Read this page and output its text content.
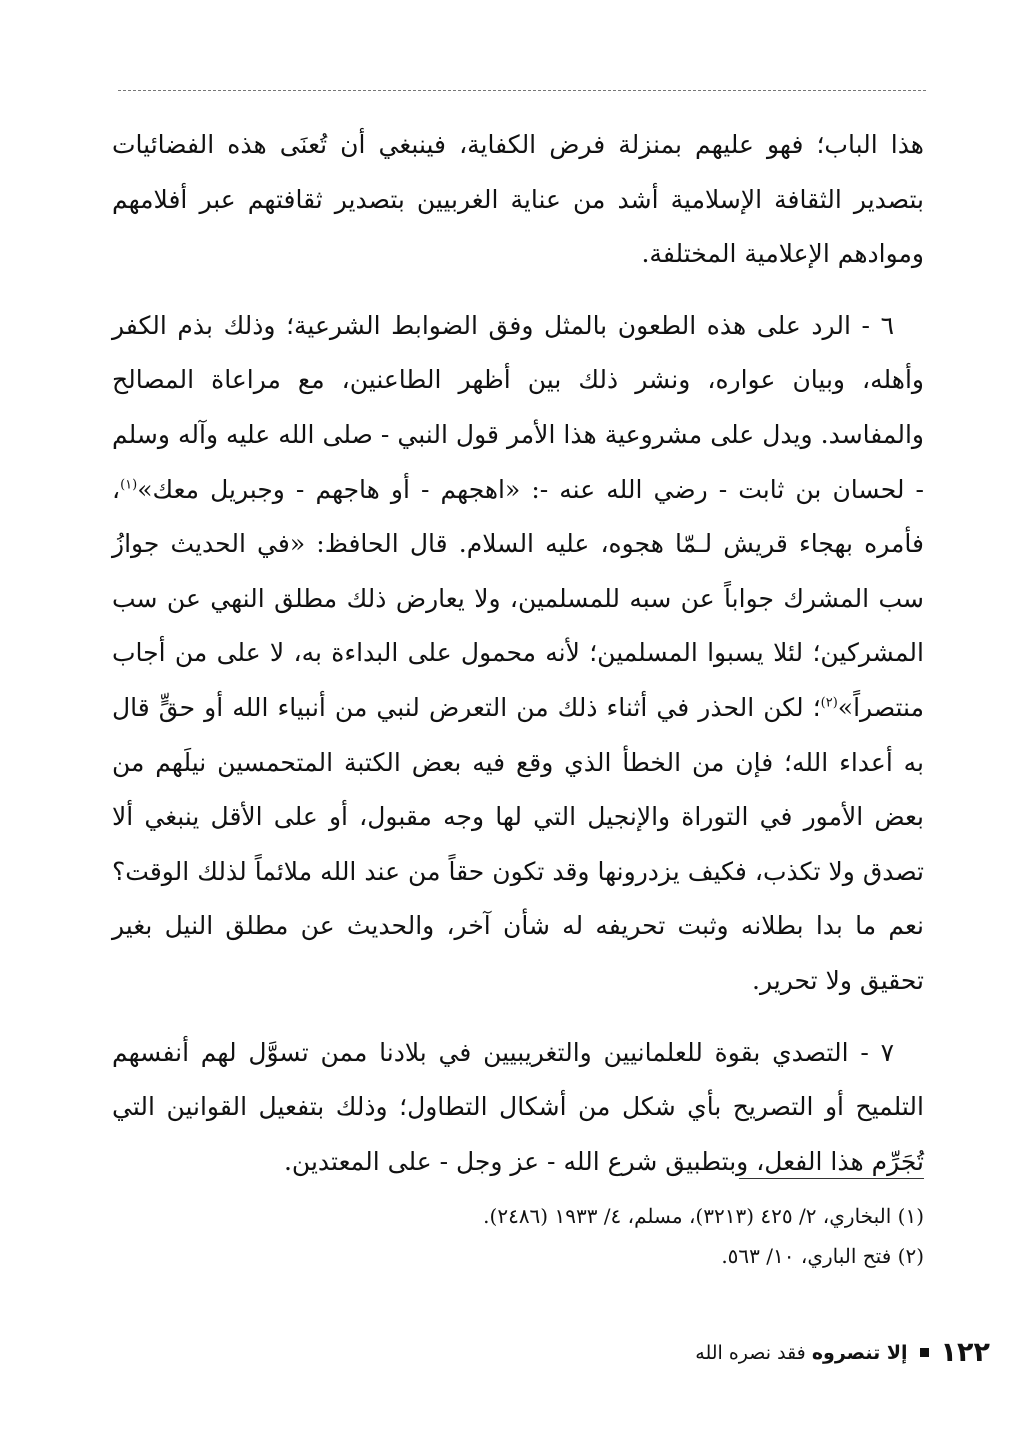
هذا الباب؛ فهو عليهم بمنزلة فرض الكفاية، فينبغي أن تُعنَى هذه الفضائيات بتصدير الثقافة الإسلامية أشد من عناية الغربيين بتصدير ثقافتهم عبر أفلامهم وموادهم الإعلامية المختلفة.

٦ - الرد على هذه الطعون بالمثل وفق الضوابط الشرعية؛ وذلك بذم الكفر وأهله، وبيان عواره، ونشر ذلك بين أظهر الطاعنين، مع مراعاة المصالح والمفاسد. ويدل على مشروعية هذا الأمر قول النبي - صلى الله عليه وآله وسلم - لحسان بن ثابت - رضي الله عنه -: «اهجهم - أو هاجهم - وجبريل معك»$^{(١)}$، فأمره بهجاء قريش لـمّا هجوه، عليه السلام. قال الحافظ: «في الحديث جوازُ سب المشرك جواباً عن سبه للمسلمين، ولا يعارض ذلك مطلق النهي عن سب المشركين؛ لئلا يسبوا المسلمين؛ لأنه محمول على البداءة به، لا على من أجاب منتصراً»$^{(٢)}$؛ لكن الحذر في أثناء ذلك من التعرض لنبي من أنبياء الله أو حقٍّ قال به أعداء الله؛ فإن من الخطأ الذي وقع فيه بعض الكتبة المتحمسين نيلَهم من بعض الأمور في التوراة والإنجيل التي لها وجه مقبول، أو على الأقل ينبغي ألا تصدق ولا تكذب، فكيف يزدرونها وقد تكون حقاً من عند الله ملائماً لذلك الوقت؟ نعم ما بدا بطلانه وثبت تحريفه له شأن آخر، والحديث عن مطلق النيل بغير تحقيق ولا تحرير.

٧ - التصدي بقوة للعلمانيين والتغريبيين في بلادنا ممن تسوَّل لهم أنفسهم التلميح أو التصريح بأي شكل من أشكال التطاول؛ وذلك بتفعيل القوانين التي تُجَرِّم هذا الفعل، وبتطبيق شرع الله - عز وجل - على المعتدين.

(١) البخاري، ٢/ ٤٢٥ (٣٢١٣)، مسلم، ٤/ ١٩٣٣ (٢٤٨٦).
(٢) فتح الباري، ١٠/ ٥٦٣.
١٢٢
إلا تنصروه فقد نصره الله
